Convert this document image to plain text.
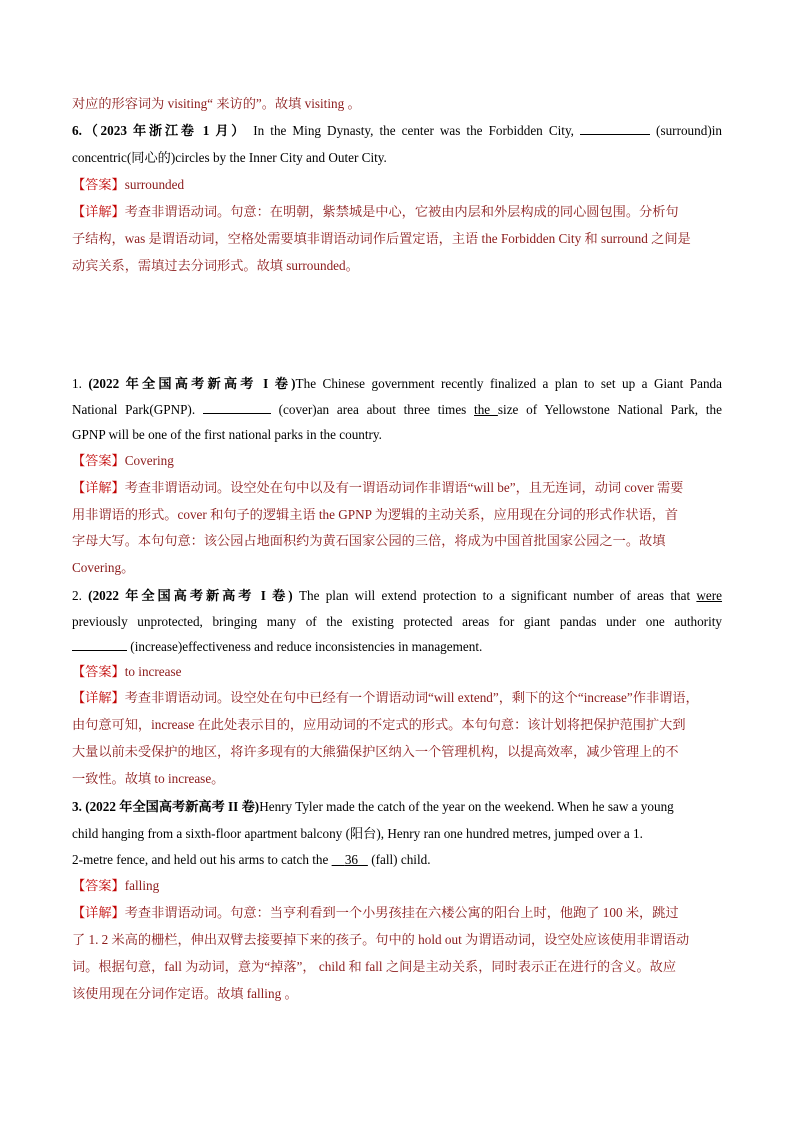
对应的形容词为 visiting“ 来访的”。故填 visiting 。
6.（2023 年浙江卷 1 月） In the Ming Dynasty, the center was the Forbidden City,	(surround)in
concentric(同心的)circles by the Inner City and Outer City.
【答案】surrounded
【详解】考查非谓语动词。句意：在明朝，紫禁城是中心，它被由内层和外层构成的同心圆包围。分析句
子结构，was 是谓语动词，空格处需要填非谓语动词作后置定语，主语 the Forbidden City 和 surround 之间是
动宾关系，需填过去分词形式。故填 surrounded。
1. (2022 年全国高考新高考 I 卷)The Chinese government recently finalized a plan to set up a Giant Panda
National Park(GPNP).	(cover)an area about three times the size of Yellowstone National Park, the
GPNP will be one of the first national parks in the country.
【答案】Covering
【详解】考查非谓语动词。设空处在句中以及有一谓语动词作非谓语“will be”，且无连词，动词 cover 需要
用非谓语的形式。cover 和句子的逻辑主语 the GPNP 为逻辑的主动关系，应用现在分词的形式作状语，首
字母大写。本句句意：该公园占地面积约为黄石国家公园的三倍，将成为中国首批国家公园之一。故填
Covering。
2. (2022 年全国高考新高考 I 卷) The plan will extend protection to a significant number of areas that were
previously unprotected, bringing many of the existing protected areas for giant pandas under one authority
(increase)effectiveness and reduce inconsistencies in management.
【答案】to increase
【详解】考查非谓语动词。设空处在句中已经有一个谓语动词“will extend”，剩下的这个“increase”作非谓语，
由句意可知，increase 在此处表示目的，应用动词的不定式的形式。本句句意：该计划将把保护范围扩大到
大量以前未受保护的地区，将许多现有的大熊猫保护区纳入一个管理机构，以提高效率，减少管理上的不
一致性。故填 to increase。
3. (2022 年全国高考新高考 II 卷)Henry Tyler made the catch of the year on the weekend. When he saw a young
child hanging from a sixth-floor apartment balcony (阳台), Henry ran one hundred metres, jumped over a 1.
2-metre fence, and held out his arms to catch the     36    (fall) child.
【答案】falling
【详解】考查非谓语动词。句意：当亨利看到一个小男孩挂在六楼公寓的阳台上时，他跑了 100 米，跳过
了 1. 2 米高的栅栏，伸出双臂去接要掉下来的孩子。句中的 hold out 为谓语动词，设空处应该使用非谓语动
词。根据句意，fall 为动词，意为“掉落”， child 和 fall 之间是主动关系，同时表示正在进行的含义。故应
该使用现在分词作定语。故填 falling 。
